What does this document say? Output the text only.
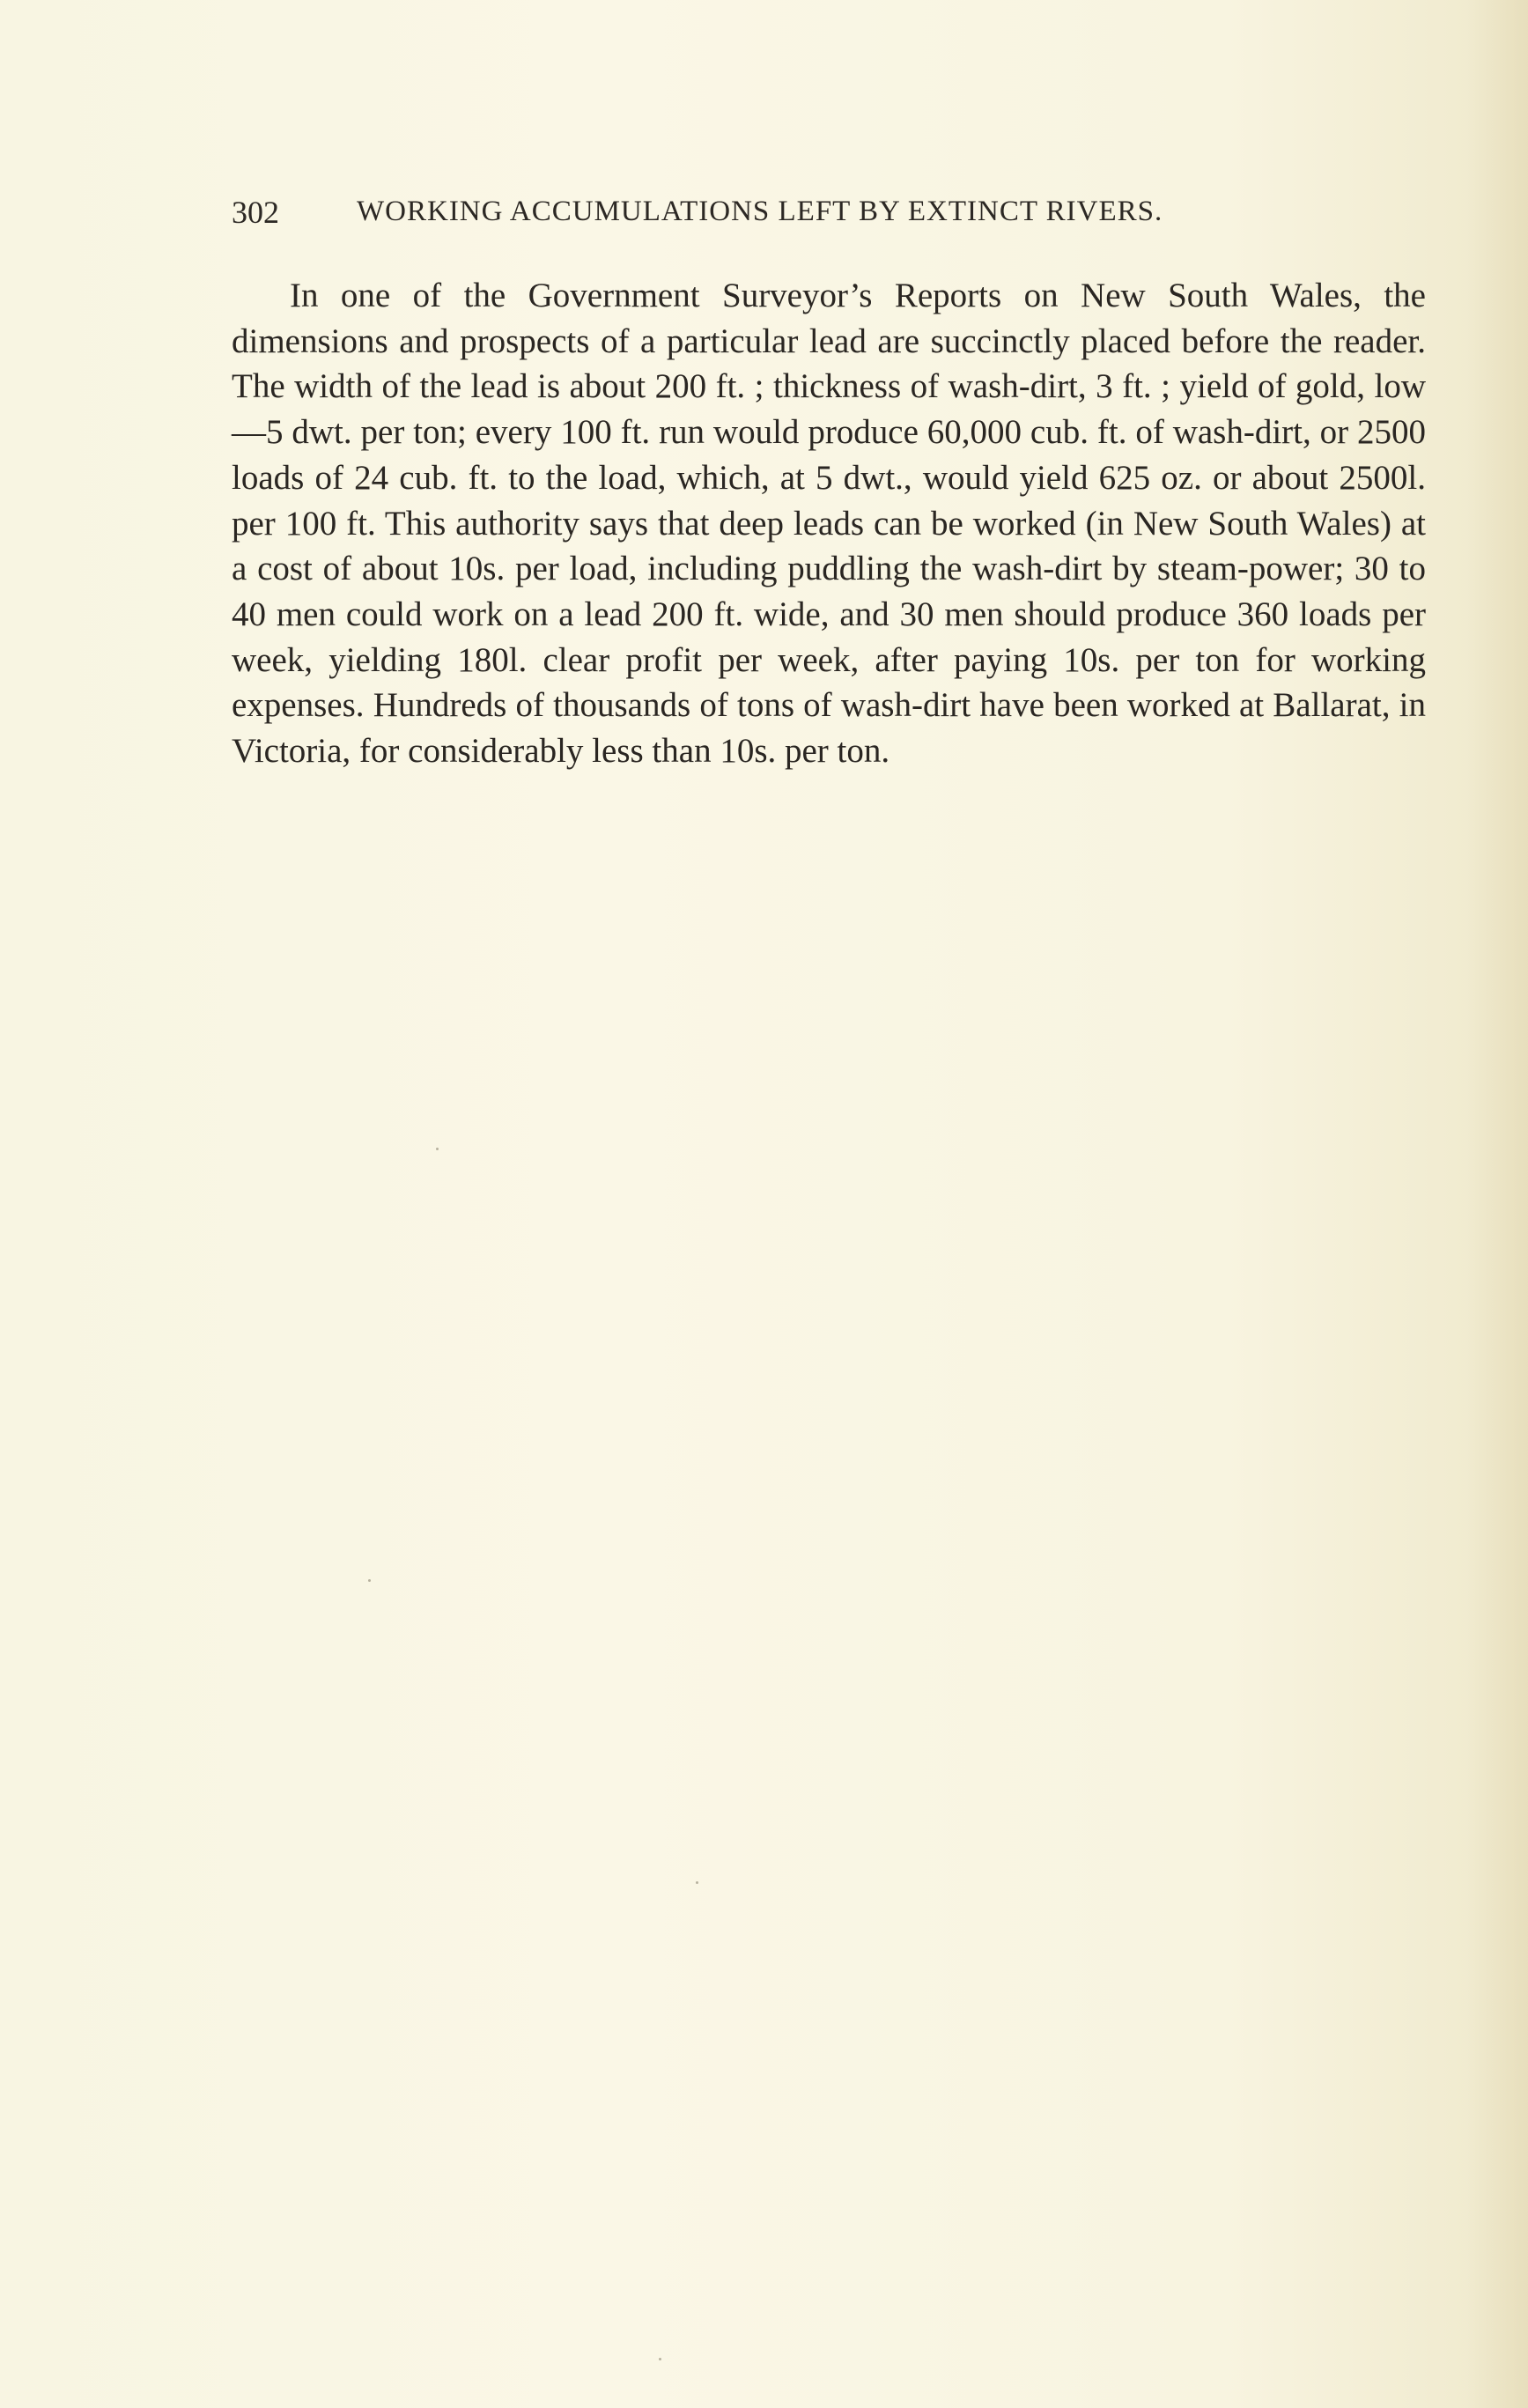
302	WORKING ACCUMULATIONS LEFT BY EXTINCT RIVERS.

In one of the Government Surveyor’s Reports on New South Wales, the dimensions and prospects of a particular lead are succinctly placed before the reader. The width of the lead is about 200 ft. ; thickness of wash-dirt, 3 ft. ; yield of gold, low—5 dwt. per ton; every 100 ft. run would produce 60,000 cub. ft. of wash-dirt, or 2500 loads of 24 cub. ft. to the load, which, at 5 dwt., would yield 625 oz. or about 2500l. per 100 ft. This authority says that deep leads can be worked (in New South Wales) at a cost of about 10s. per load, including puddling the wash-dirt by steam-power; 30 to 40 men could work on a lead 200 ft. wide, and 30 men should produce 360 loads per week, yielding 180l. clear profit per week, after paying 10s. per ton for working expenses. Hundreds of thousands of tons of wash-dirt have been worked at Ballarat, in Victoria, for considerably less than 10s. per ton.
